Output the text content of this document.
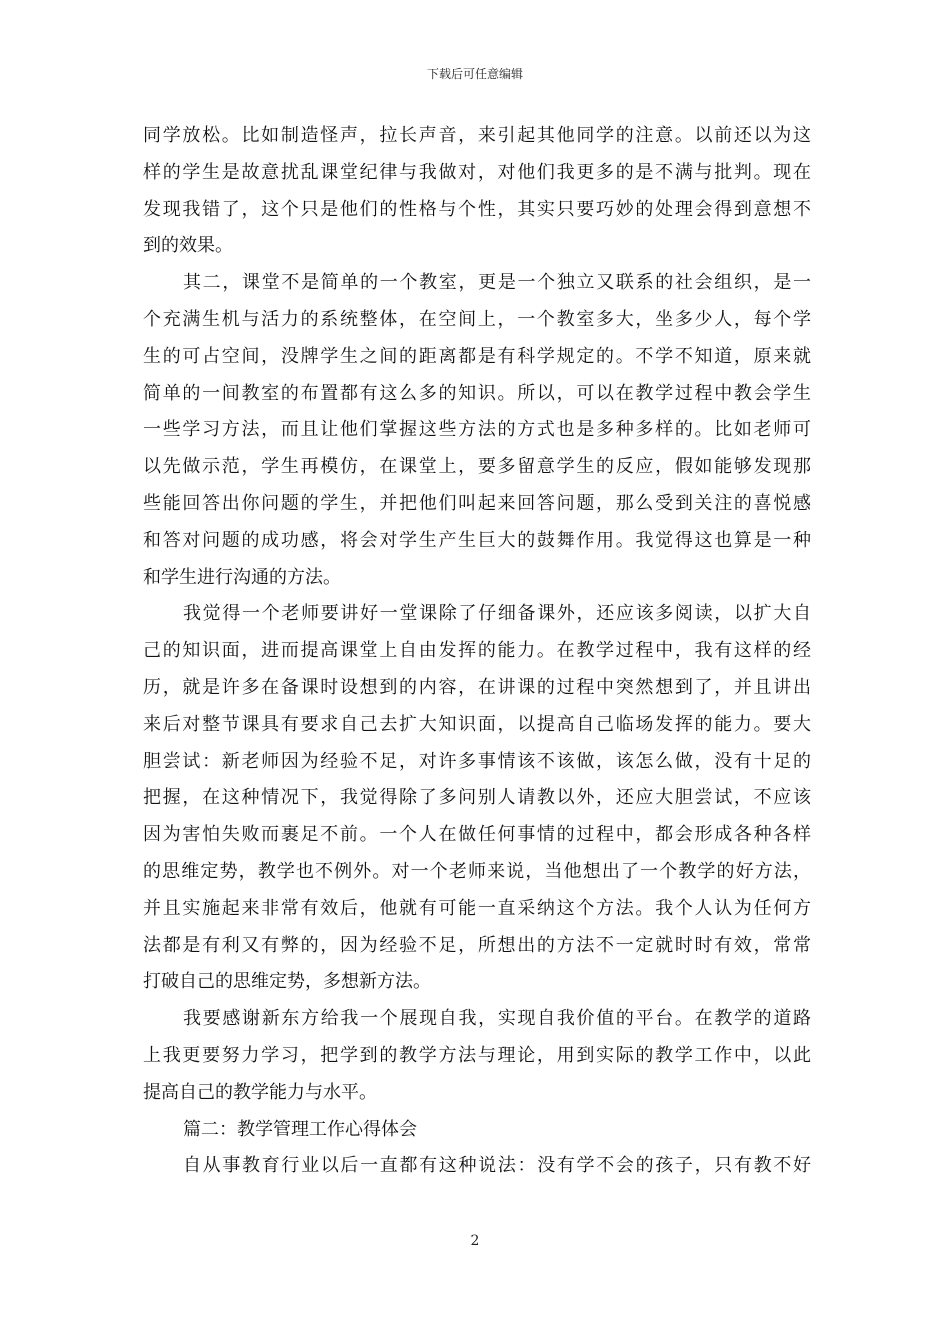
下载后可任意编辑
同学放松。比如制造怪声，拉长声音，来引起其他同学的注意。以前还以为这
样的学生是故意扰乱课堂纪律与我做对，对他们我更多的是不满与批判。现在
发现我错了，这个只是他们的性格与个性，其实只要巧妙的处理会得到意想不
到的效果。
其二，课堂不是简单的一个教室，更是一个独立又联系的社会组织，是一
个充满生机与活力的系统整体，在空间上，一个教室多大，坐多少人，每个学
生的可占空间，没牌学生之间的距离都是有科学规定的。不学不知道，原来就
简单的一间教室的布置都有这么多的知识。所以，可以在教学过程中教会学生
一些学习方法，而且让他们掌握这些方法的方式也是多种多样的。比如老师可
以先做示范，学生再模仿，在课堂上，要多留意学生的反应，假如能够发现那
些能回答出你问题的学生，并把他们叫起来回答问题，那么受到关注的喜悦感
和答对问题的成功感，将会对学生产生巨大的鼓舞作用。我觉得这也算是一种
和学生进行沟通的方法。
我觉得一个老师要讲好一堂课除了仔细备课外，还应该多阅读，以扩大自
己的知识面，进而提高课堂上自由发挥的能力。在教学过程中，我有这样的经
历，就是许多在备课时设想到的内容，在讲课的过程中突然想到了，并且讲出
来后对整节课具有要求自己去扩大知识面，以提高自己临场发挥的能力。要大
胆尝试：新老师因为经验不足，对许多事情该不该做，该怎么做，没有十足的
把握，在这种情况下，我觉得除了多问别人请教以外，还应大胆尝试，不应该
因为害怕失败而裹足不前。一个人在做任何事情的过程中，都会形成各种各样
的思维定势，教学也不例外。对一个老师来说，当他想出了一个教学的好方法，
并且实施起来非常有效后，他就有可能一直采纳这个方法。我个人认为任何方
法都是有利又有弊的，因为经验不足，所想出的方法不一定就时时有效，常常
打破自己的思维定势，多想新方法。
我要感谢新东方给我一个展现自我，实现自我价值的平台。在教学的道路
上我更要努力学习，把学到的教学方法与理论，用到实际的教学工作中，以此
提高自己的教学能力与水平。
篇二：教学管理工作心得体会
自从事教育行业以后一直都有这种说法：没有学不会的孩子，只有教不好
2
